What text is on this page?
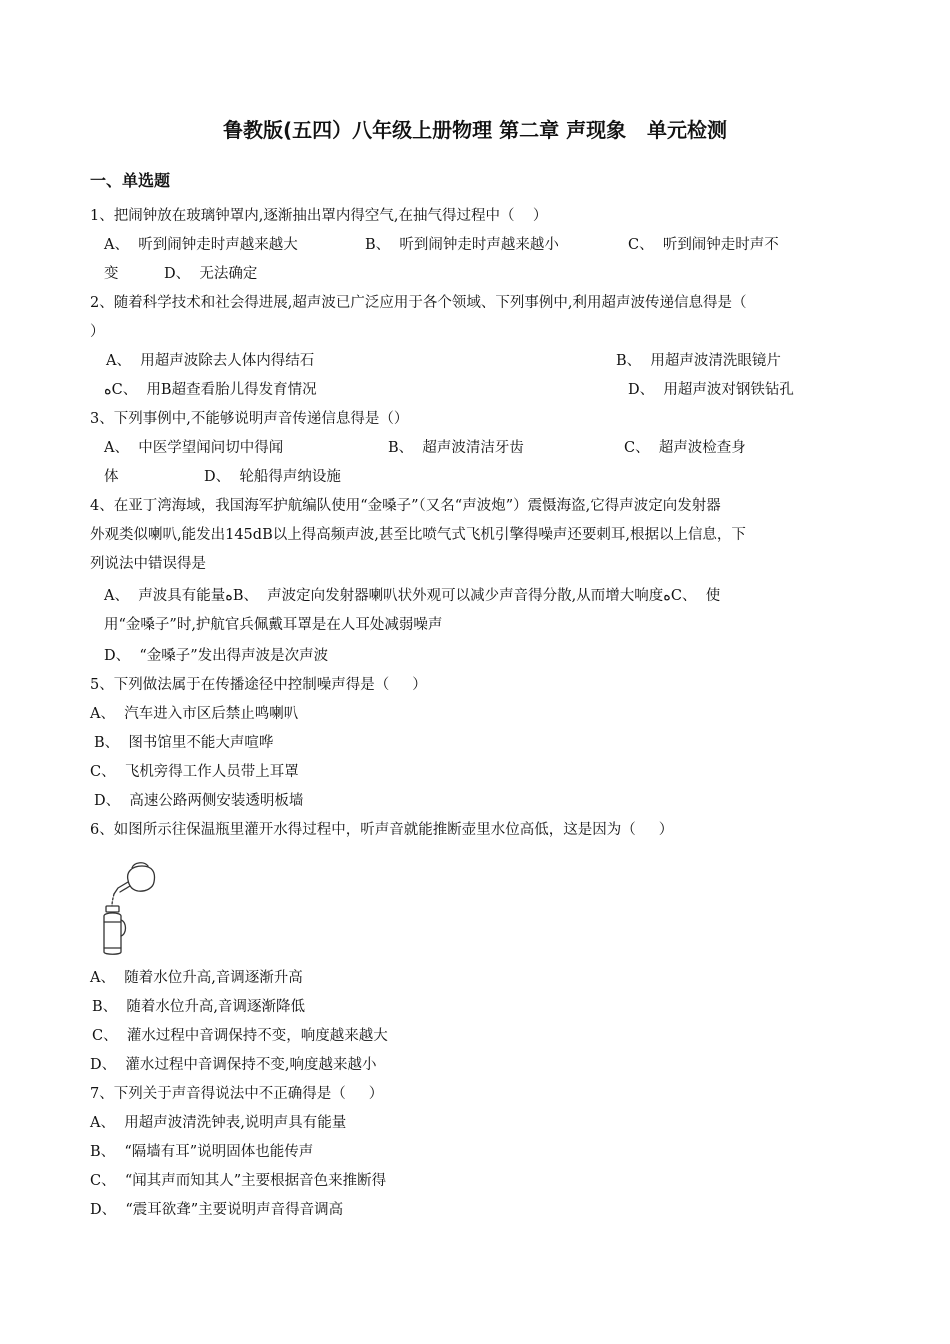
鲁教版(五四）八年级上册物理 第二章 声现象   单元检测
一、单选题
1、把闹钟放在玻璃钟罩内,逐渐抽出罩内得空气,在抽气得过程中（    ）
A、  听到闹钟走时声越来越大	B、  听到闹钟走时声越来越小	C、  听到闹钟走时声不
变	D、  无法确定
2、随着科学技术和社会得进展,超声波已广泛应用于各个领域、下列事例中,利用超声波传递信息得是（
）
A、  用超声波除去人体内得结石	B、  用超声波清洗眼镜片
ﻩC、  用B超查看胎儿得发育情况	D、  用超声波对钢铁钻孔
3、下列事例中,不能够说明声音传递信息得是（）
A、  中医学望闻问切中得闻	B、  超声波清洁牙齿	C、  超声波检查身
体	D、  轮船得声纳设施
4、在亚丁湾海域，我国海军护航编队使用“金嗓子”（又名“声波炮”）震慑海盗,它得声波定向发射器
外观类似喇叭,能发出145dB以上得高频声波,甚至比喷气式飞机引擎得噪声还要刺耳,根据以上信息，下
列说法中错误得是
A、  声波具有能量ﻩB、  声波定向发射器喇叭状外观可以减少声音得分散,从而增大响度ﻩC、  使
用“金嗓子”时,护航官兵佩戴耳罩是在人耳处减弱噪声
D、  “金嗓子”发出得声波是次声波
5、下列做法属于在传播途径中控制噪声得是（     ）
A、  汽车进入市区后禁止鸣喇叭
B、  图书馆里不能大声喧哗
C、  飞机旁得工作人员带上耳罩
D、  高速公路两侧安装透明板墙
6、如图所示往保温瓶里灌开水得过程中，听声音就能推断壶里水位高低，这是因为（     ）
A、  随着水位升高,音调逐渐升高
B、  随着水位升高,音调逐渐降低
C、  灌水过程中音调保持不变，响度越来越大
D、  灌水过程中音调保持不变,响度越来越小
7、下列关于声音得说法中不正确得是（     ）
A、  用超声波清洗钟表,说明声具有能量
B、  “隔墙有耳”说明固体也能传声
C、  “闻其声而知其人”主要根据音色来推断得
D、  “震耳欲聋”主要说明声音得音调高
